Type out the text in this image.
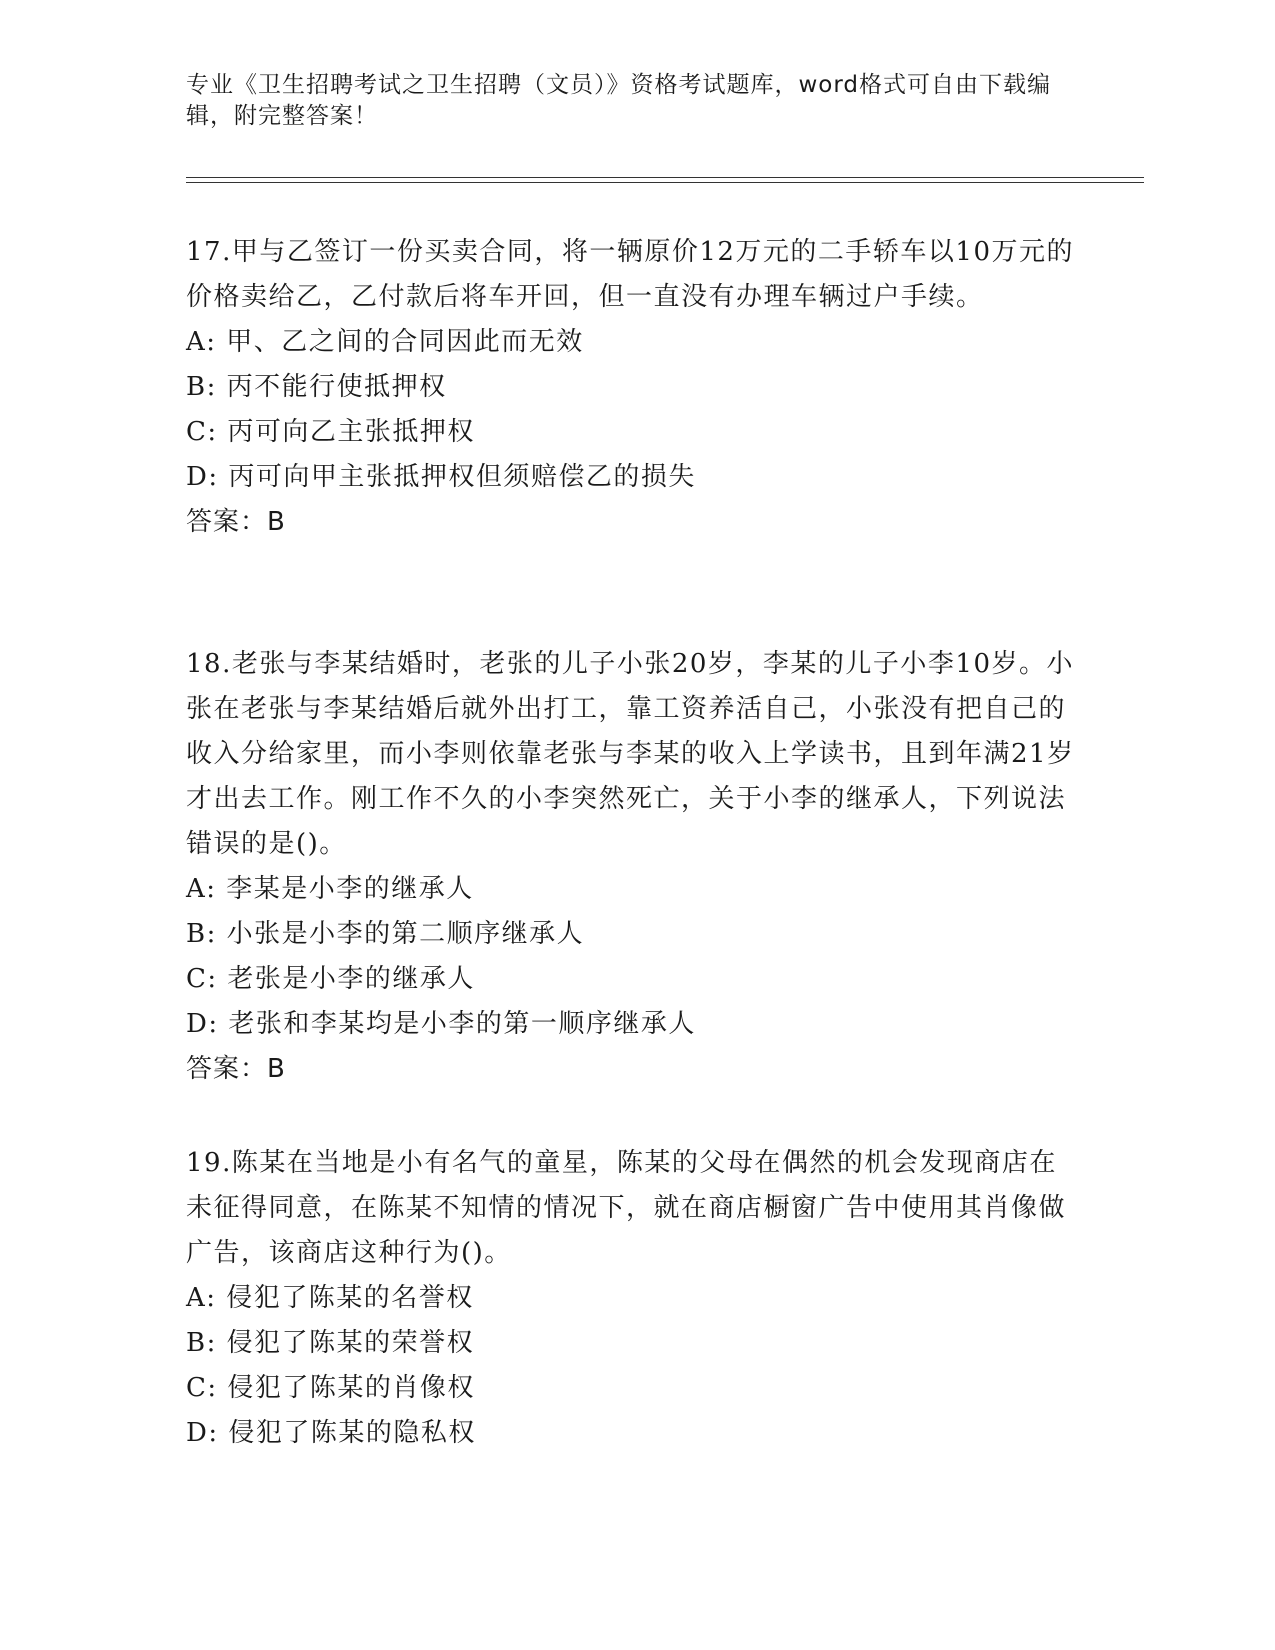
专业《卫生招聘考试之卫生招聘（文员）》资格考试题库，word格式可自由下载编辑，附完整答案！
17.甲与乙签订一份买卖合同，将一辆原价12万元的二手轿车以10万元的价格卖给乙，乙付款后将车开回，但一直没有办理车辆过户手续。
A: 甲、乙之间的合同因此而无效
B: 丙不能行使抵押权
C: 丙可向乙主张抵押权
D: 丙可向甲主张抵押权但须赔偿乙的损失
答案：B
18.老张与李某结婚时，老张的儿子小张20岁，李某的儿子小李10岁。小张在老张与李某结婚后就外出打工，靠工资养活自己，小张没有把自己的收入分给家里，而小李则依靠老张与李某的收入上学读书，且到年满21岁才出去工作。刚工作不久的小李突然死亡，关于小李的继承人，下列说法错误的是()。
A: 李某是小李的继承人
B: 小张是小李的第二顺序继承人
C: 老张是小李的继承人
D: 老张和李某均是小李的第一顺序继承人
答案：B
19.陈某在当地是小有名气的童星，陈某的父母在偶然的机会发现商店在未征得同意，在陈某不知情的情况下，就在商店橱窗广告中使用其肖像做广告，该商店这种行为()。
A: 侵犯了陈某的名誉权
B: 侵犯了陈某的荣誉权
C: 侵犯了陈某的肖像权
D: 侵犯了陈某的隐私权
